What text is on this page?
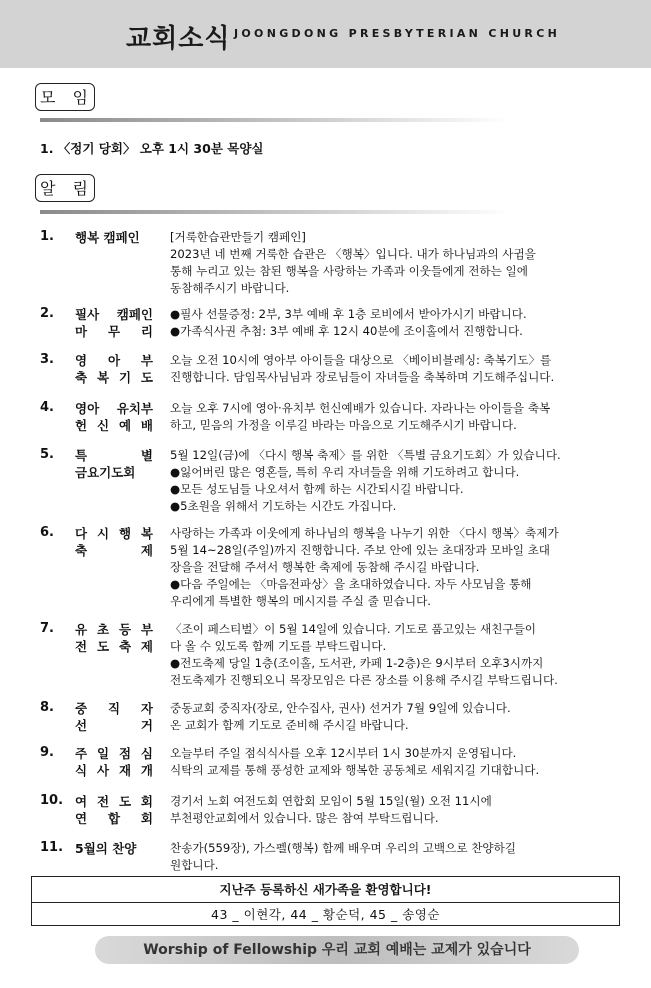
교회소식 JOONGDONG PRESBYTERIAN CHURCH
모 임
1. 〈정기 당회〉 오후 1시 30분 목양실
알 림
1. 행복 캠페인	[거룩한습관만들기 캠페인]
2023년 네 번째 거룩한 습관은 〈행복〉입니다. 내가 하나님과의 사귐을
통해 누리고 있는 참된 행복을 사랑하는 가족과 이웃들에게 전하는 일에
동참해주시기 바랍니다.
2. 필사 캠페인
마 무 리
●필사 선물증정: 2부, 3부 예배 후 1층 로비에서 받아가시기 바랍니다.
●가족식사권 추첨: 3부 예배 후 12시 40분에 조이홀에서 진행합니다.
3. 영 아 부
축 복 기 도
오늘 오전 10시에 영아부 아이들을 대상으로 〈베이비블레싱: 축복기도〉를
진행합니다. 담임목사님님과 장로님들이 자녀들을 축복하며 기도해주십니다.
4. 영아 유치부
헌 신 예 배
오늘 오후 7시에 영아·유치부 헌신예배가 있습니다. 자라나는 아이들을 축복
하고, 믿음의 가정을 이루길 바라는 마음으로 기도해주시기 바랍니다.
5. 특 별
금요기도회
5월 12일(금)에 〈다시 행복 축제〉를 위한 〈특별 금요기도회〉가 있습니다.
●잃어버린 많은 영혼들, 특히 우리 자녀들을 위해 기도하려고 합니다.
●모든 성도님들 나오셔서 함께 하는 시간되시길 바랍니다.
●5초원을 위해서 기도하는 시간도 가집니다.
6. 다 시 행 복
축 제
사랑하는 가족과 이웃에게 하나님의 행복을 나누기 위한 〈다시 행복〉축제가
5월 14~28일(주일)까지 진행합니다. 주보 안에 있는 초대장과 모바일 초대
장을을 전달해 주셔서 행복한 축제에 동참해 주시길 바랍니다.
●다음 주일에는 〈마음전파상〉을 초대하였습니다. 자두 사모님을 통해
우리에게 특별한 행복의 메시지를 주실 줄 믿습니다.
7. 유 초 등 부
전 도 축 제
〈조이 페스티벌〉이 5월 14일에 있습니다. 기도로 품고있는 새친구들이
다 올 수 있도록 함께 기도를 부탁드립니다.
●전도축제 당일 1층(조이홀, 도서관, 카페 1-2층)은 9시부터 오후3시까지
전도축제가 진행되오니 목장모임은 다른 장소를 이용해 주시길 부탁드립니다.
8. 중 직 자
선 거
중동교회 중직자(장로, 안수집사, 권사) 선거가 7월 9일에 있습니다.
온 교회가 함께 기도로 준비해 주시길 바랍니다.
9. 주 일 점 심
식 사 재 개
오늘부터 주일 점식식사를 오후 12시부터 1시 30분까지 운영됩니다.
식탁의 교제를 통해 풍성한 교제와 행복한 공동체로 세워지길 기대합니다.
10. 여 전 도 회
연 합 회
경기서 노회 여전도회 연합회 모임이 5월 15일(월) 오전 11시에
부천평안교회에서 있습니다. 많은 참여 부탁드립니다.
11. 5월의 찬양	찬송가(559장), 가스펠(행복) 함께 배우며 우리의 고백으로 찬양하길
원합니다.
지난주 등록하신 새가족을 환영합니다!
43 _ 이현각, 44 _ 황순덕, 45 _ 송영순
Worship of Fellowship 우리 교회 예배는 교제가 있습니다
